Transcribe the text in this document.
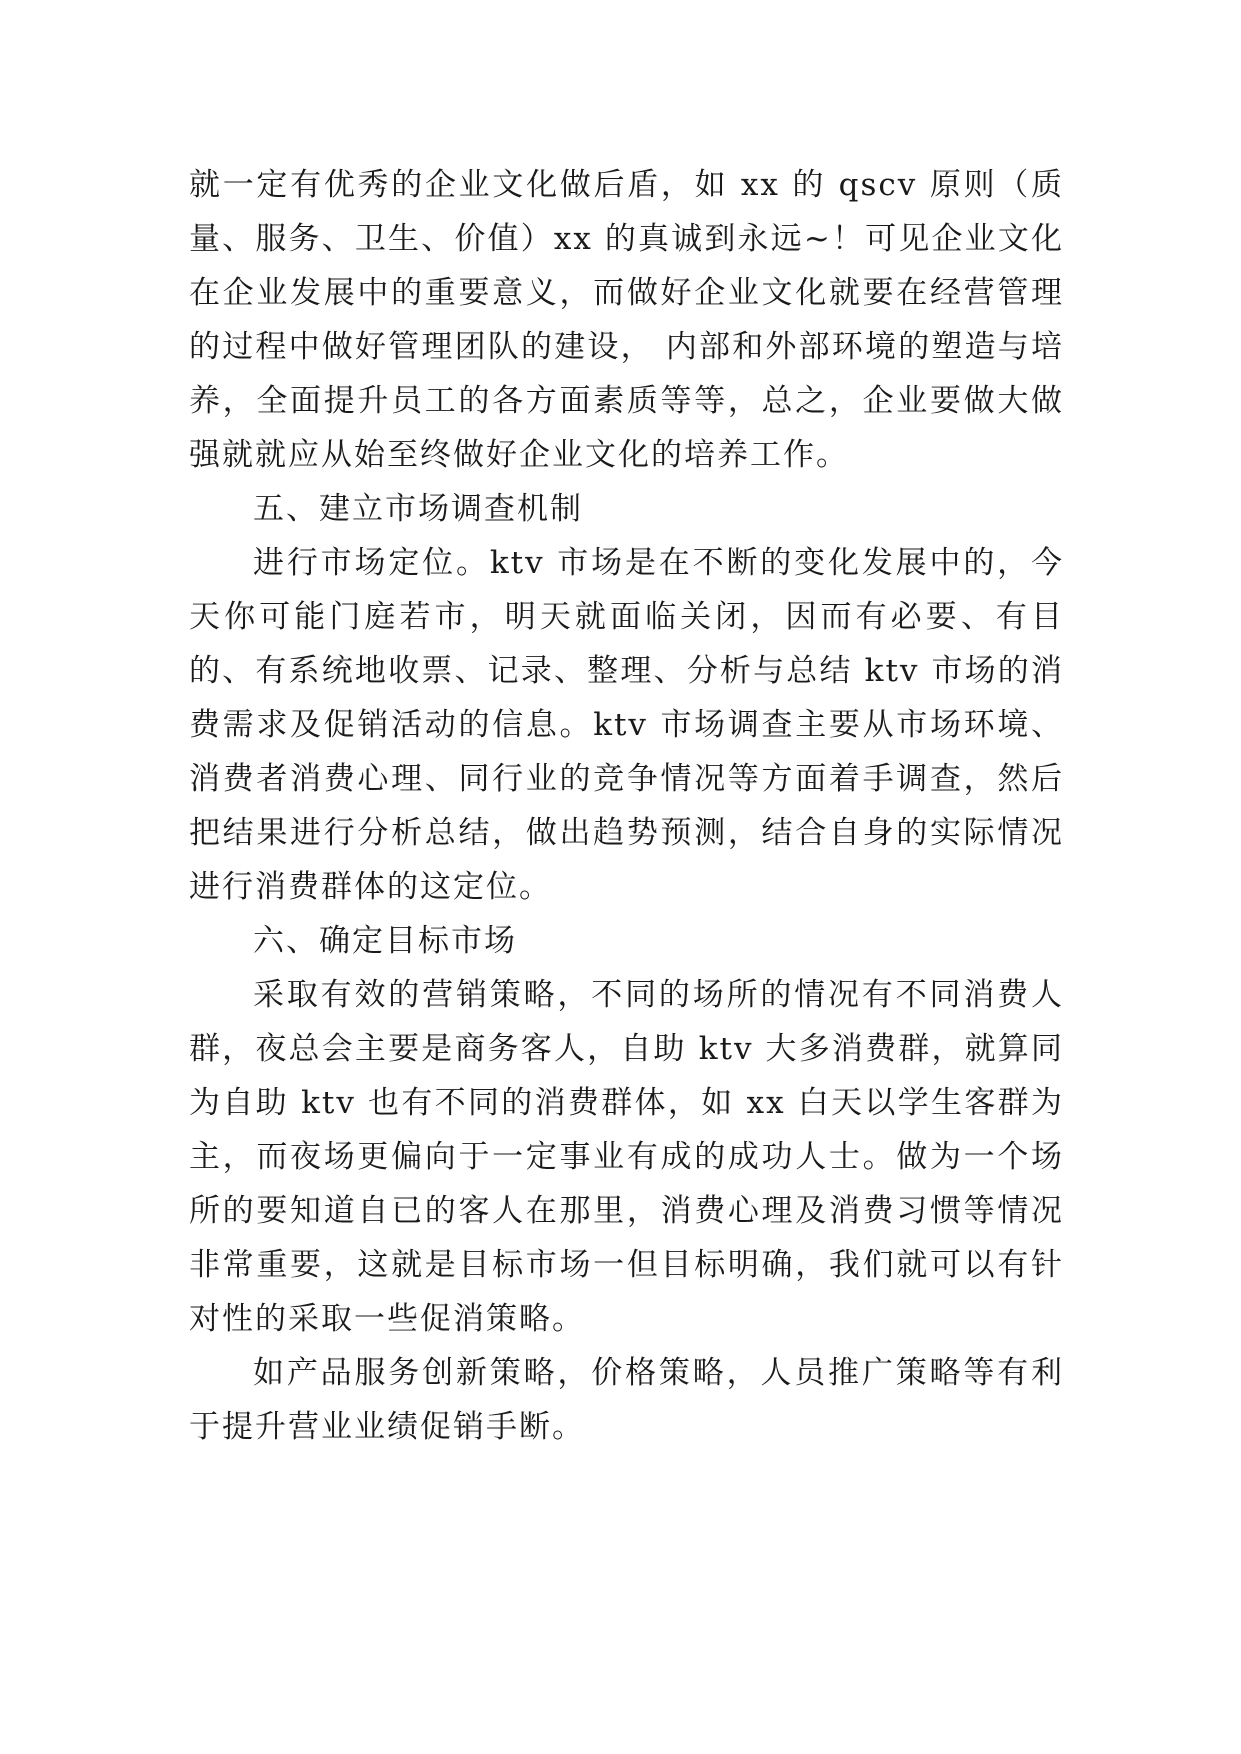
就一定有优秀的企业文化做后盾，如 xx 的 qscv 原则（质量、服务、卫生、价值）xx 的真诚到永远~！可见企业文化在企业发展中的重要意义，而做好企业文化就要在经营管理的过程中做好管理团队的建设， 内部和外部环境的塑造与培养，全面提升员工的各方面素质等等，总之，企业要做大做强就就应从始至终做好企业文化的培养工作。

五、建立市场调查机制

进行市场定位。ktv 市场是在不断的变化发展中的，今天你可能门庭若市，明天就面临关闭，因而有必要、有目的、有系统地收票、记录、整理、分析与总结 ktv 市场的消费需求及促销活动的信息。ktv 市场调查主要从市场环境、消费者消费心理、同行业的竞争情况等方面着手调查，然后把结果进行分析总结，做出趋势预测，结合自身的实际情况进行消费群体的这定位。

六、确定目标市场

采取有效的营销策略，不同的场所的情况有不同消费人群，夜总会主要是商务客人，自助 ktv 大多消费群，就算同为自助 ktv 也有不同的消费群体，如 xx 白天以学生客群为主，而夜场更偏向于一定事业有成的成功人士。做为一个场所的要知道自已的客人在那里，消费心理及消费习惯等情况非常重要，这就是目标市场一但目标明确，我们就可以有针对性的采取一些促消策略。

如产品服务创新策略，价格策略，人员推广策略等有利于提升营业业绩促销手断。
